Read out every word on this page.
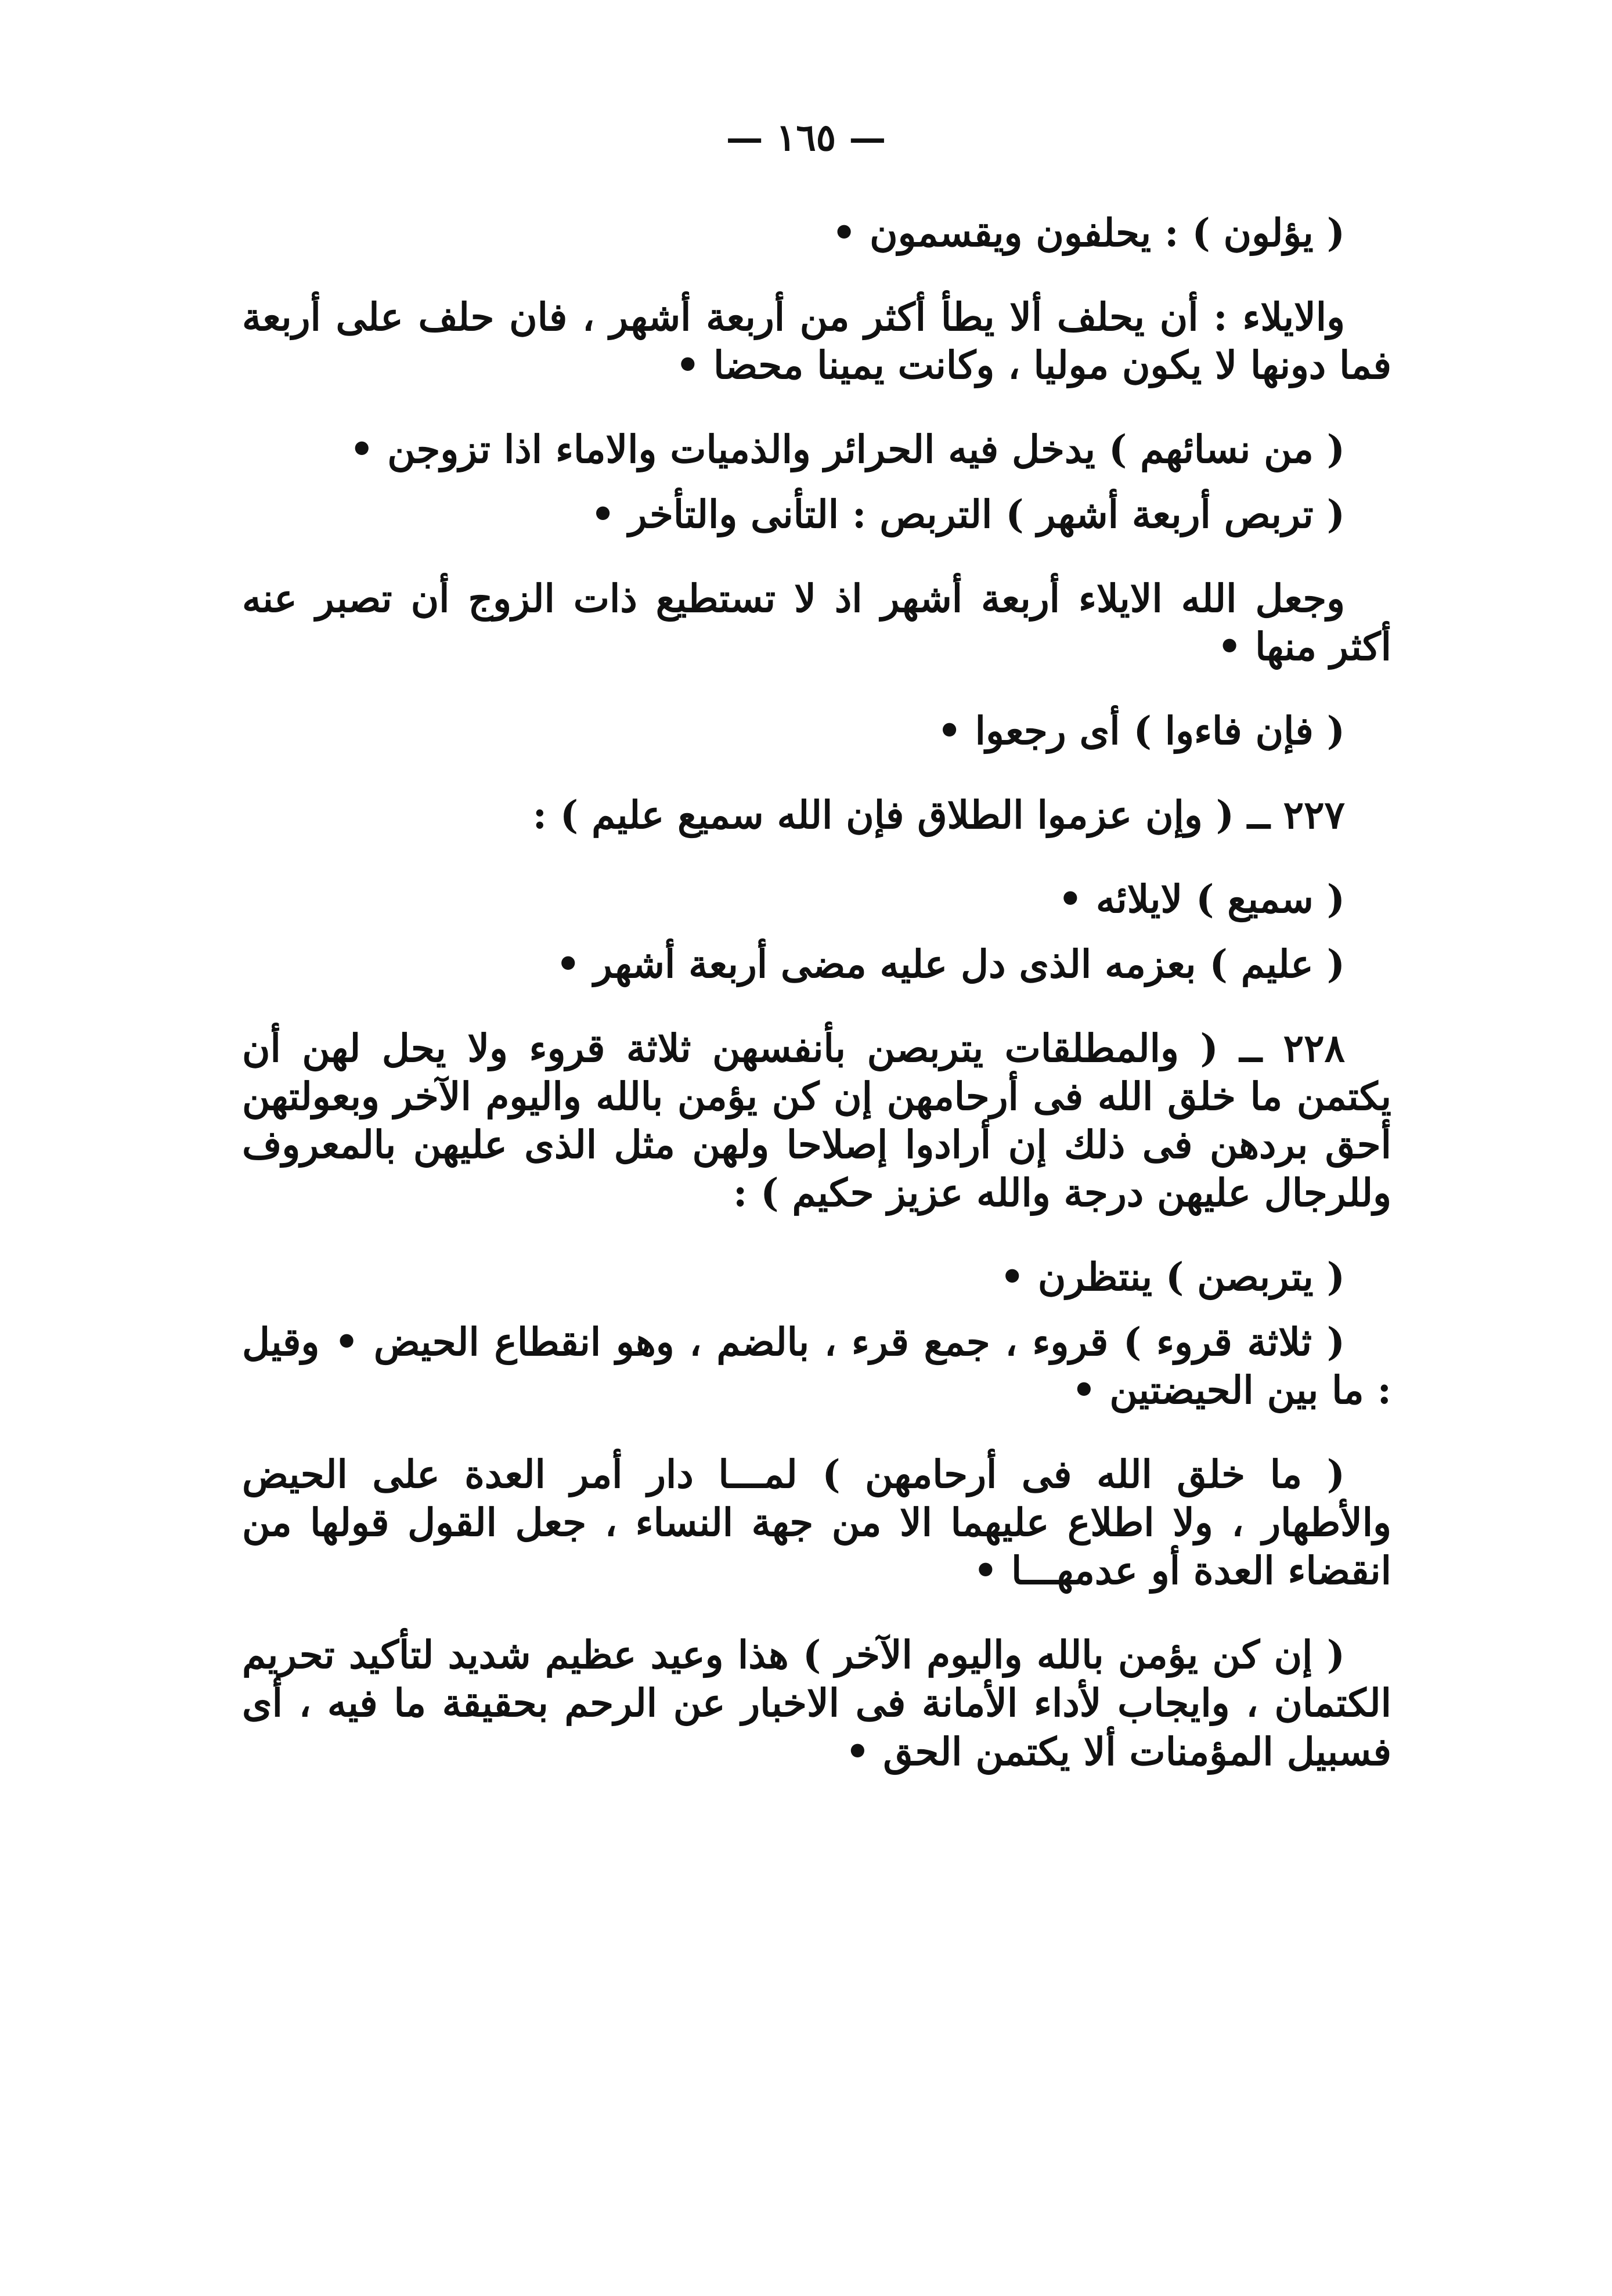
— ١٦٥ —

( يؤلون ) : يحلفون ويقسمون •

والايلاء : أن يحلف ألا يطأ أكثر من أربعة أشهر ، فان حلف على أربعة فما دونها لا يكون موليا ، وكانت يمينا محضا •

( من نسائهم ) يدخل فيه الحرائر والذميات والاماء اذا تزوجن •

( تربص أربعة أشهر ) التربص : التأنى والتأخر •

وجعل الله الايلاء أربعة أشهر اذ لا تستطيع ذات الزوج أن تصبر عنه أكثر منها •

( فإن فاءوا ) أى رجعوا •

٢٢٧ ــ ( وإن عزموا الطلاق فإن الله سميع عليم ) :

( سميع ) لايلائه •

( عليم ) بعزمه الذى دل عليه مضى أربعة أشهر •

٢٢٨ ــ ( والمطلقات يتربصن بأنفسهن ثلاثة قروء ولا يحل لهن أن يكتمن ما خلق الله فى أرحامهن إن كن يؤمن بالله واليوم الآخر وبعولتهن أحق بردهن فى ذلك إن أرادوا إصلاحا ولهن مثل الذى عليهن بالمعروف وللرجال عليهن درجة والله عزيز حكيم ) :

( يتربصن ) ينتظرن •

( ثلاثة قروء ) قروء ، جمع قرء ، بالضم ، وهو انقطاع الحيض • وقيل : ما بين الحيضتين •

( ما خلق الله فى أرحامهن ) لمـــا دار أمر العدة على الحيض والأطهار ، ولا اطلاع عليهما الا من جهة النساء ، جعل القول قولها من انقضاء العدة أو عدمهـــا •

( إن كن يؤمن بالله واليوم الآخر ) هذا وعيد عظيم شديد لتأكيد تحريم الكتمان ، وايجاب لأداء الأمانة فى الاخبار عن الرحم بحقيقة ما فيه ، أى فسبيل المؤمنات ألا يكتمن الحق •
